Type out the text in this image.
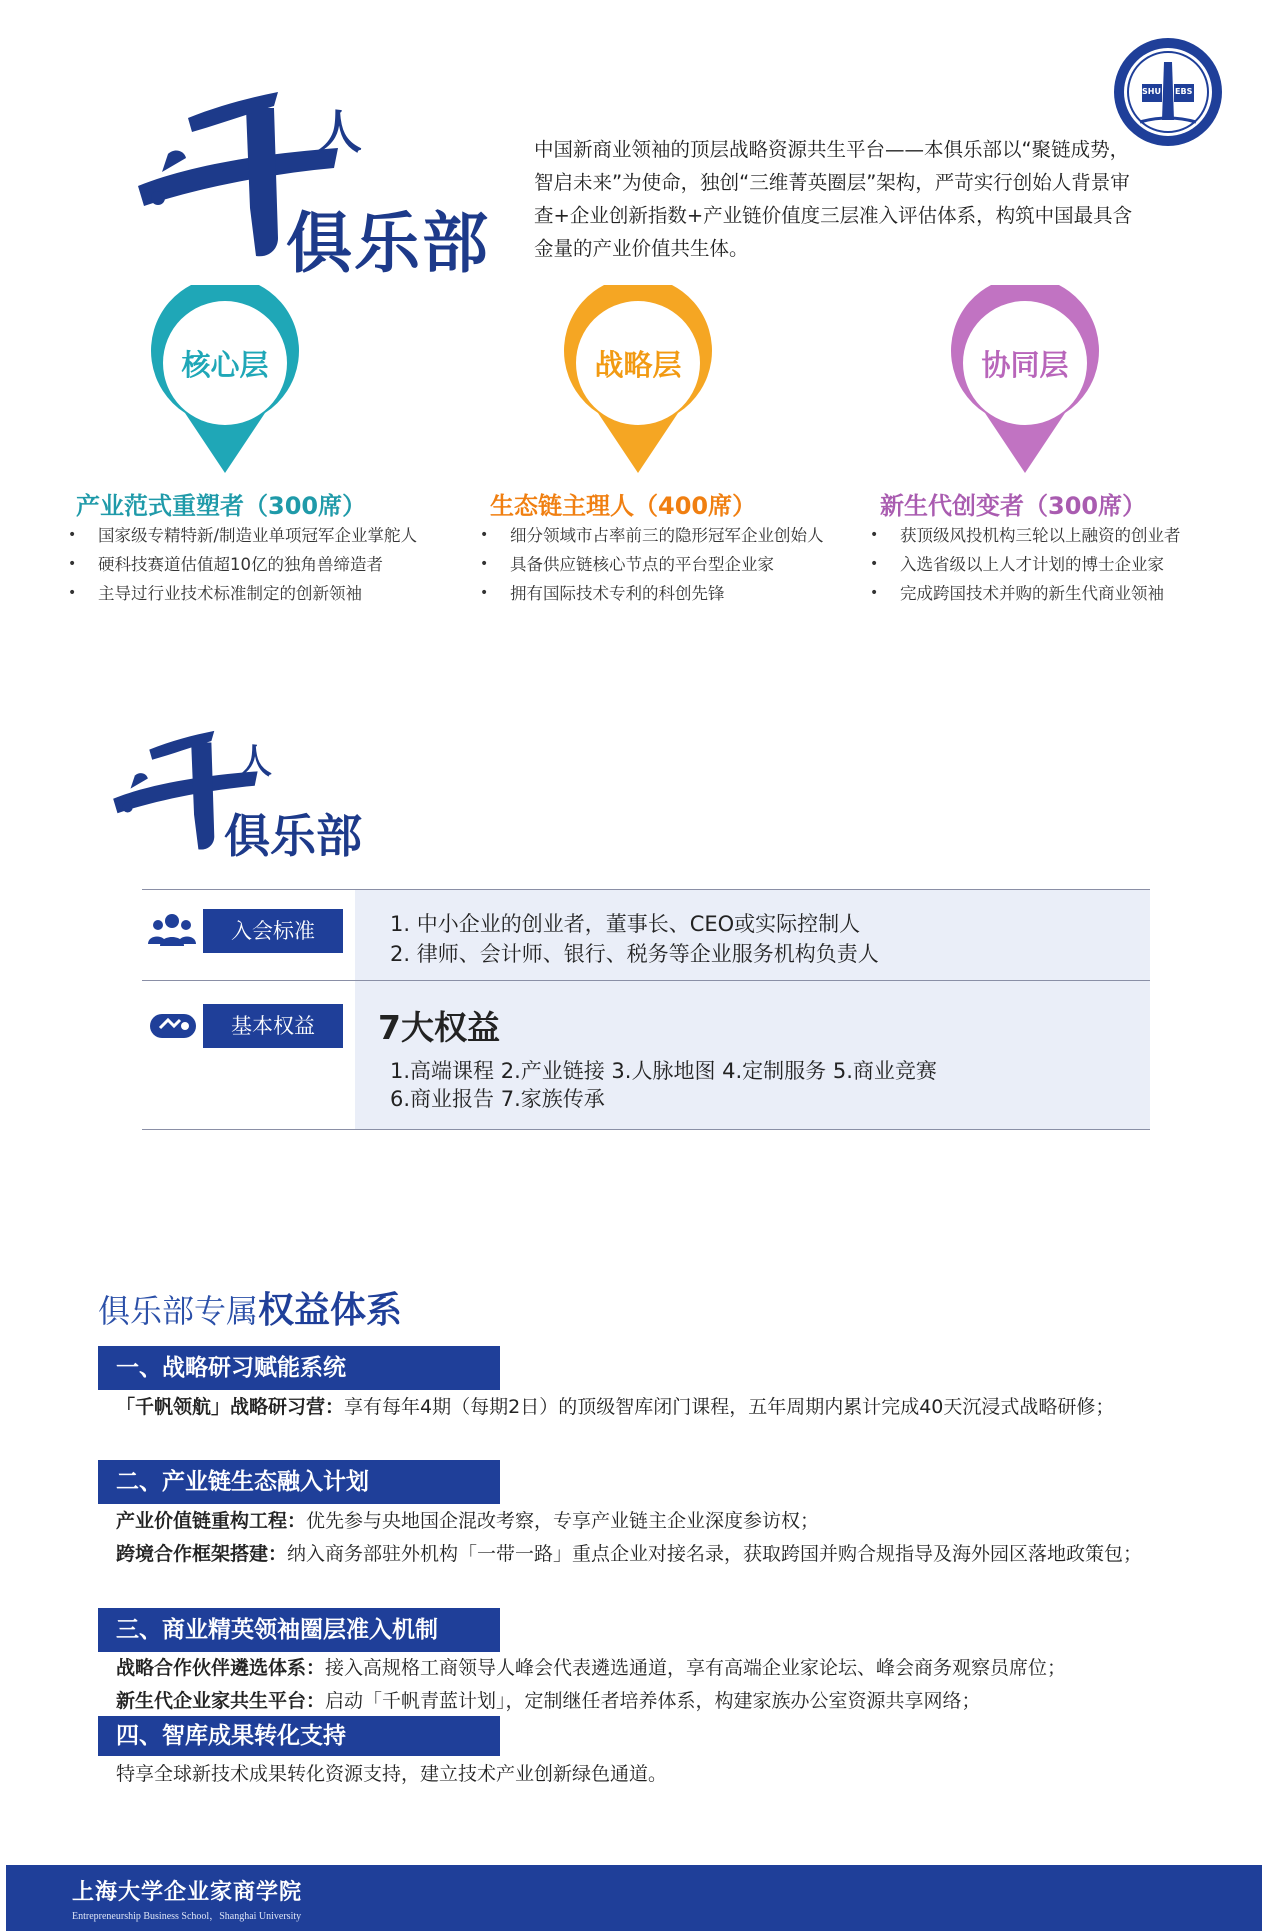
人
俱乐部
SHU EBS
中国新商业领袖的顶层战略资源共生平台——本俱乐部以“聚链成势，智启未来”为使命，独创“三维菁英圈层”架构，严苛实行创始人背景审查+企业创新指数+产业链价值度三层准入评估体系，构筑中国最具含金量的产业价值共生体。
核心层	战略层	协同层
产业范式重塑者（300席）	生态链主理人（400席）	新生代创变者（300席）
• 国家级专精特新/制造业单项冠军企业掌舵人
• 硬科技赛道估值超10亿的独角兽缔造者
• 主导过行业技术标准制定的创新领袖
• 细分领域市占率前三的隐形冠军企业创始人
• 具备供应链核心节点的平台型企业家
• 拥有国际技术专利的科创先锋
• 获顶级风投机构三轮以上融资的创业者
• 入选省级以上人才计划的博士企业家
• 完成跨国技术并购的新生代商业领袖
人
俱乐部
入会标准	1. 中小企业的创业者，董事长、CEO或实际控制人
2. 律师、会计师、银行、税务等企业服务机构负责人
基本权益	7大权益
1.高端课程 2.产业链接 3.人脉地图 4.定制服务 5.商业竞赛
6.商业报告 7.家族传承
俱乐部专属权益体系
一、战略研习赋能系统
「千帆领航」战略研习营：享有每年4期（每期2日）的顶级智库闭门课程，五年周期内累计完成40天沉浸式战略研修；
二、产业链生态融入计划
产业价值链重构工程：优先参与央地国企混改考察，专享产业链主企业深度参访权；
跨境合作框架搭建：纳入商务部驻外机构「一带一路」重点企业对接名录，获取跨国并购合规指导及海外园区落地政策包；
三、商业精英领袖圈层准入机制
战略合作伙伴遴选体系：接入高规格工商领导人峰会代表遴选通道，享有高端企业家论坛、峰会商务观察员席位；
新生代企业家共生平台：启动「千帆青蓝计划」，定制继任者培养体系，构建家族办公室资源共享网络；
四、智库成果转化支持
特享全球新技术成果转化资源支持，建立技术产业创新绿色通道。
上海大学企业家商学院
Entrepreneurship Business School，Shanghai University
